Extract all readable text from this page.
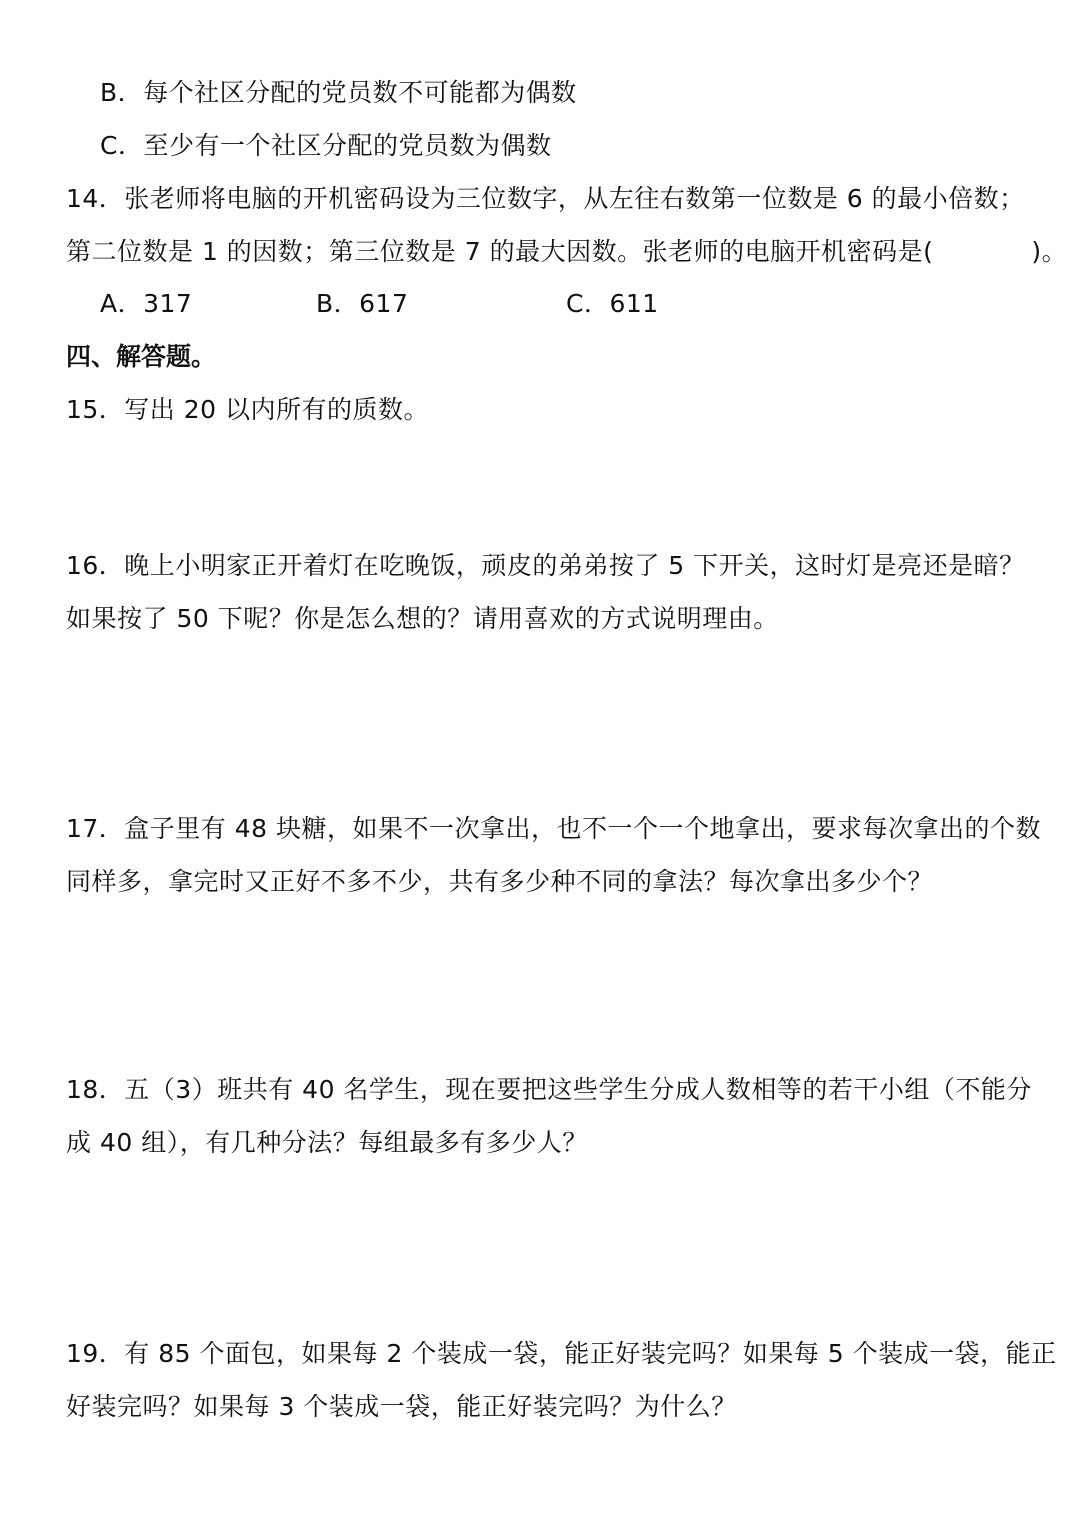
B．每个社区分配的党员数不可能都为偶数
C．至少有一个社区分配的党员数为偶数
14．张老师将电脑的开机密码设为三位数字，从左往右数第一位数是 6 的最小倍数；
第二位数是 1 的因数；第三位数是 7 的最大因数。张老师的电脑开机密码是(	)。
A．317	B．617	C．611
四、解答题。
15．写出 20 以内所有的质数。
16．晚上小明家正开着灯在吃晚饭，顽皮的弟弟按了 5 下开关，这时灯是亮还是暗？
如果按了 50 下呢？你是怎么想的？请用喜欢的方式说明理由。
17．盒子里有 48 块糖，如果不一次拿出，也不一个一个地拿出，要求每次拿出的个数
同样多，拿完时又正好不多不少，共有多少种不同的拿法？每次拿出多少个？
18．五（3）班共有 40 名学生，现在要把这些学生分成人数相等的若干小组（不能分
成 40 组），有几种分法？每组最多有多少人？
19．有 85 个面包，如果每 2 个装成一袋，能正好装完吗？如果每 5 个装成一袋，能正
好装完吗？如果每 3 个装成一袋，能正好装完吗？为什么？
